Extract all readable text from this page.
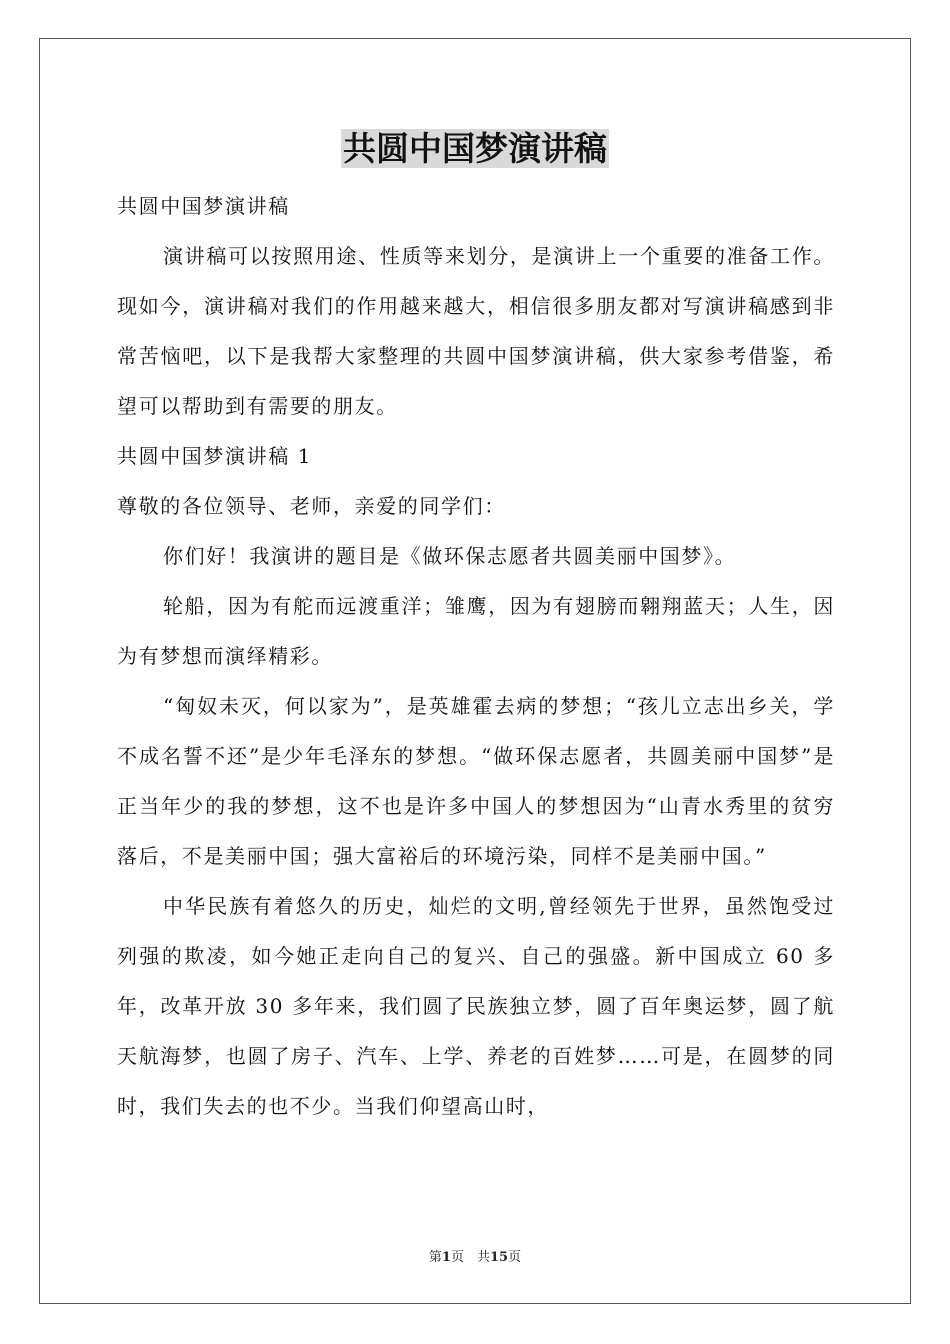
共圆中国梦演讲稿

共圆中国梦演讲稿

演讲稿可以按照用途、性质等来划分，是演讲上一个重要的准备工作。现如今，演讲稿对我们的作用越来越大，相信很多朋友都对写演讲稿感到非常苦恼吧，以下是我帮大家整理的共圆中国梦演讲稿，供大家参考借鉴，希望可以帮助到有需要的朋友。

共圆中国梦演讲稿 1

尊敬的各位领导、老师，亲爱的同学们：

你们好！我演讲的题目是《做环保志愿者共圆美丽中国梦》。

轮船，因为有舵而远渡重洋；雏鹰，因为有翅膀而翱翔蓝天；人生，因为有梦想而演绎精彩。

“匈奴未灭，何以家为”，是英雄霍去病的梦想；“孩儿立志出乡关，学不成名誓不还”是少年毛泽东的梦想。“做环保志愿者，共圆美丽中国梦”是正当年少的我的梦想，这不也是许多中国人的梦想因为“山青水秀里的贫穷落后，不是美丽中国；强大富裕后的环境污染，同样不是美丽中国。”

中华民族有着悠久的历史，灿烂的文明,曾经领先于世界，虽然饱受过列强的欺凌，如今她正走向自己的复兴、自己的强盛。新中国成立 60 多年，改革开放 30 多年来，我们圆了民族独立梦，圆了百年奥运梦，圆了航天航海梦，也圆了房子、汽车、上学、养老的百姓梦……可是，在圆梦的同时，我们失去的也不少。当我们仰望高山时，

第1页　共15页
